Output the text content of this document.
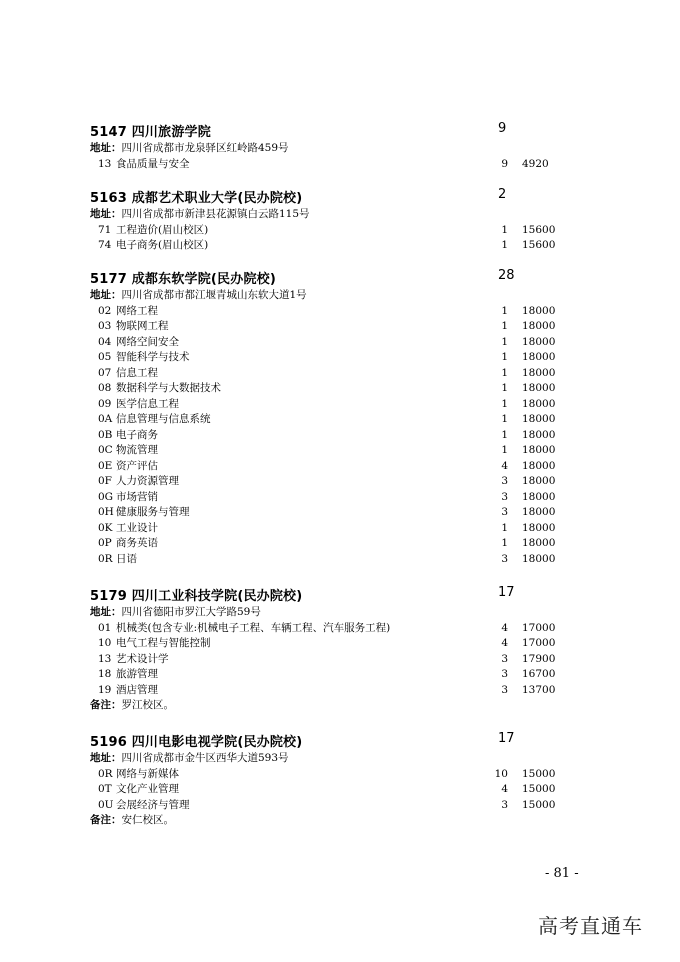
5147 四川旅游学院	9
地址：四川省成都市龙泉驿区红岭路459号
13 食品质量与安全	9 4920
5163 成都艺术职业大学(民办院校)	2
地址：四川省成都市新津县花源镇白云路115号
71 工程造价(眉山校区)	1 15600
74 电子商务(眉山校区)	1 15600
5177 成都东软学院(民办院校)	28
地址：四川省成都市都江堰青城山东软大道1号
02 网络工程	1 18000
03 物联网工程	1 18000
04 网络空间安全	1 18000
05 智能科学与技术	1 18000
07 信息工程	1 18000
08 数据科学与大数据技术	1 18000
09 医学信息工程	1 18000
0A 信息管理与信息系统	1 18000
0B 电子商务	1 18000
0C 物流管理	1 18000
0E 资产评估	4 18000
0F 人力资源管理	3 18000
0G 市场营销	3 18000
0H 健康服务与管理	3 18000
0K 工业设计	1 18000
0P 商务英语	1 18000
0R 日语	3 18000
5179 四川工业科技学院(民办院校)	17
地址：四川省德阳市罗江大学路59号
01 机械类(包含专业:机械电子工程、车辆工程、汽车服务工程)	4 17000
10 电气工程与智能控制	4 17000
13 艺术设计学	3 17900
18 旅游管理	3 16700
19 酒店管理	3 13700
备注：罗江校区。
5196 四川电影电视学院(民办院校)	17
地址：四川省成都市金牛区西华大道593号
0R 网络与新媒体	10 15000
0T 文化产业管理	4 15000
0U 会展经济与管理	3 15000
备注：安仁校区。
- 81 -
高考直通车
